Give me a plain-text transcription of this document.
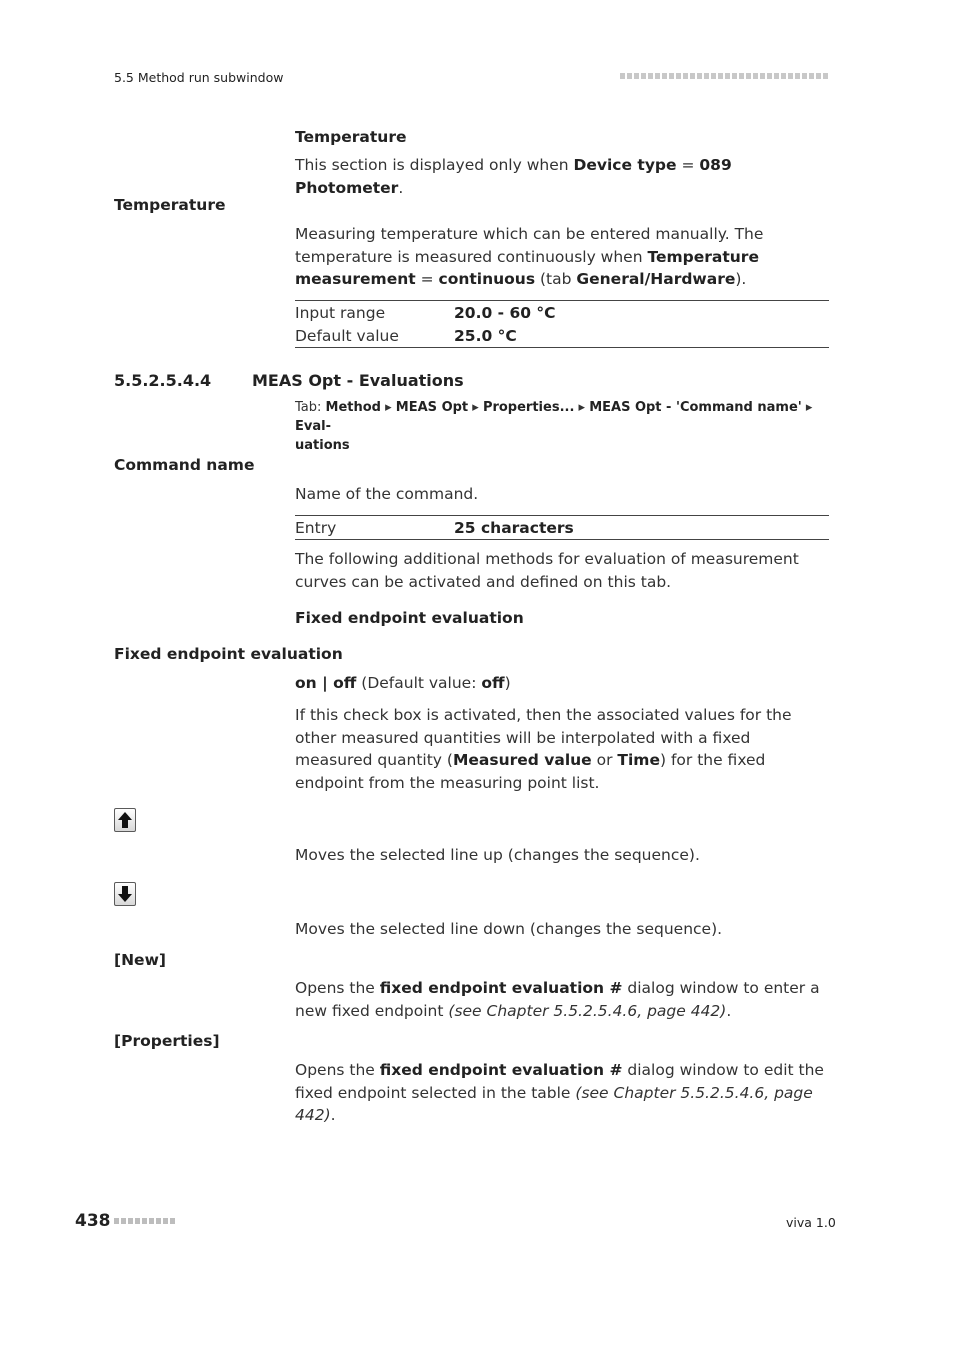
5.5 Method run subwindow
Temperature
This section is displayed only when Device type = 089 Photometer.
Temperature
Measuring temperature which can be entered manually. The temperature is measured continuously when Temperature measurement = continuous (tab General/Hardware).
Input range	20.0 - 60 °C
Default value	25.0 °C
5.5.2.5.4.4	MEAS Opt - Evaluations
Tab: Method ▸ MEAS Opt ▸ Properties... ▸ MEAS Opt - 'Command name' ▸ Eval-
uations
Command name
Name of the command.
Entry	25 characters
The following additional methods for evaluation of measurement curves can be activated and defined on this tab.
Fixed endpoint evaluation
Fixed endpoint evaluation
on | off (Default value: off)
If this check box is activated, then the associated values for the other measured quantities will be interpolated with a fixed measured quantity (Measured value or Time) for the fixed endpoint from the measuring point list.
Moves the selected line up (changes the sequence).
Moves the selected line down (changes the sequence).
[New]
Opens the fixed endpoint evaluation # dialog window to enter a new fixed endpoint (see Chapter 5.5.2.5.4.6, page 442).
[Properties]
Opens the fixed endpoint evaluation # dialog window to edit the fixed endpoint selected in the table (see Chapter 5.5.2.5.4.6, page 442).
438	viva 1.0
